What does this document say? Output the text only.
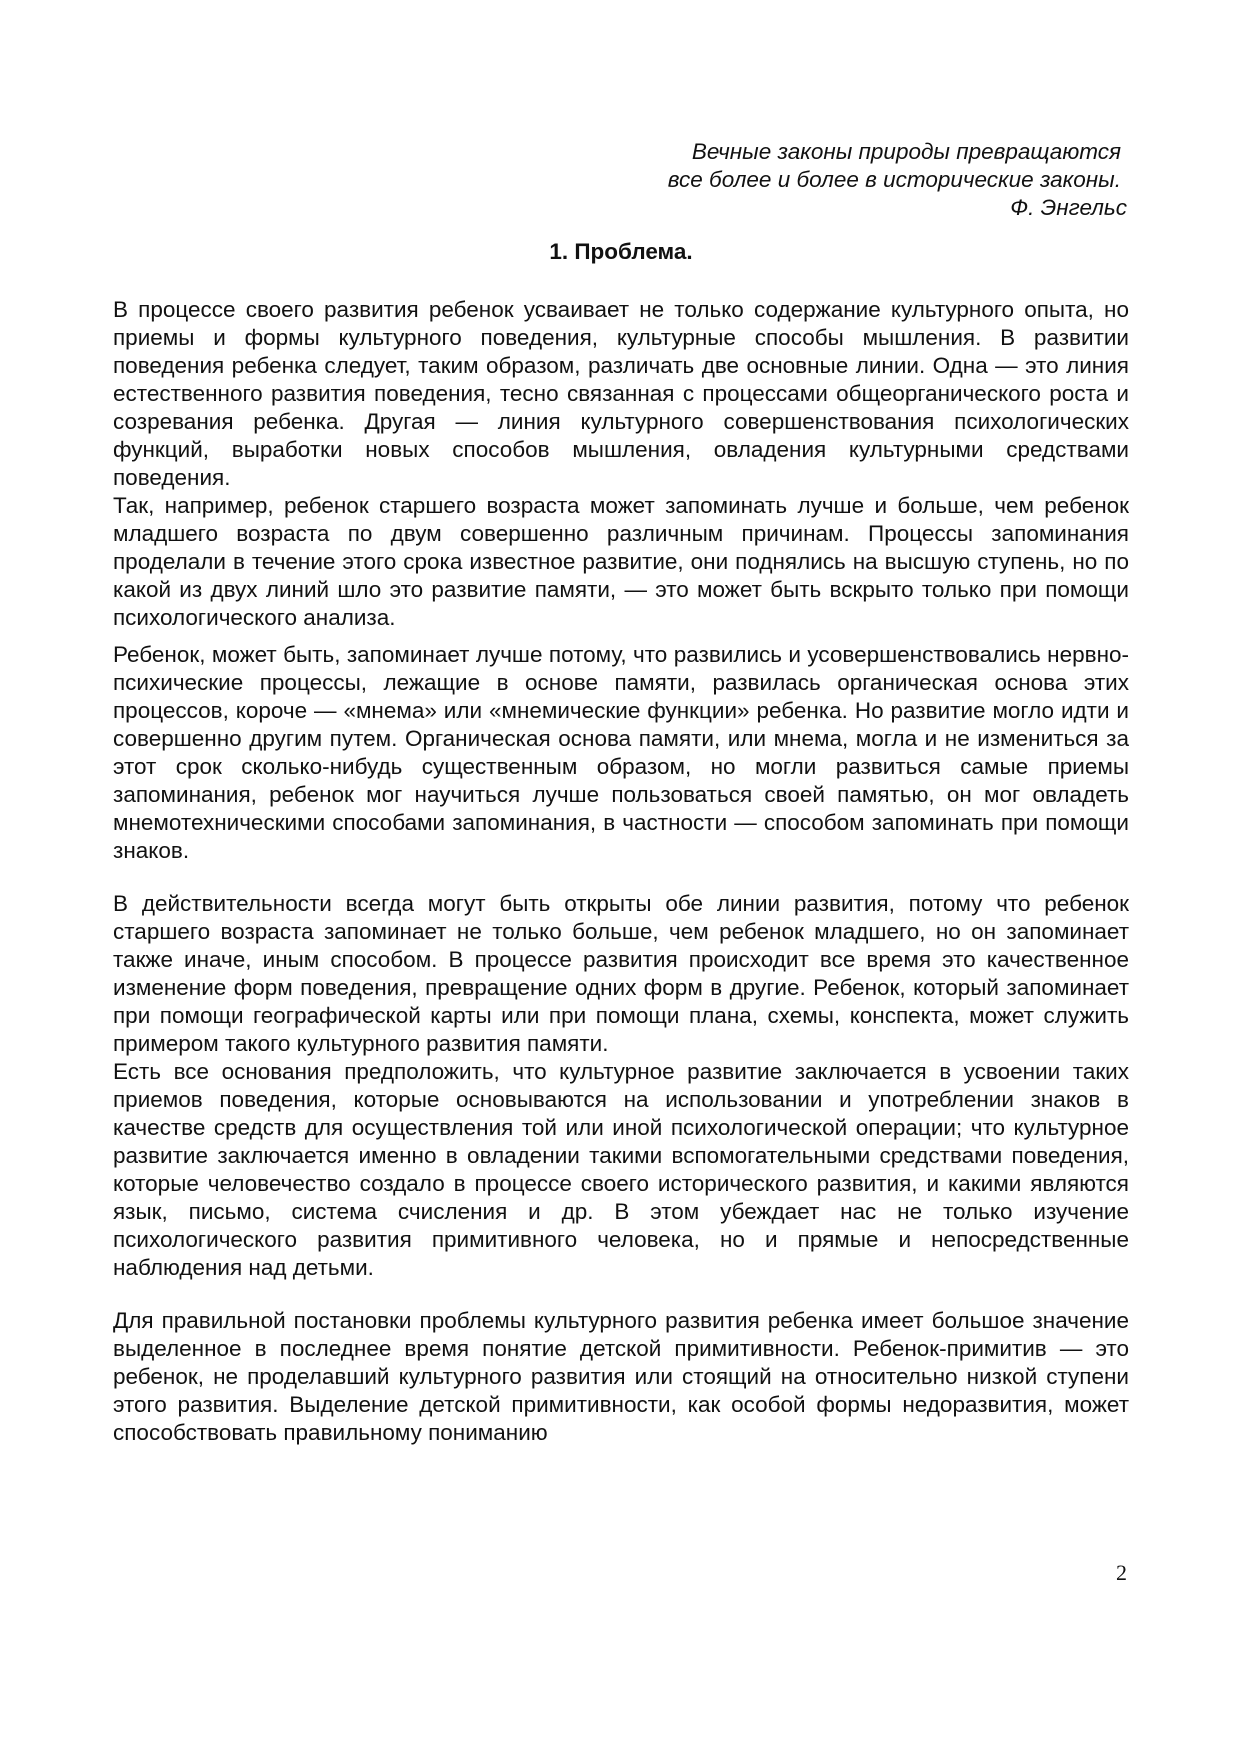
Вечные законы природы превращаются
все более и более в исторические законы.
Ф. Энгельс
1. Проблема.

В процессе своего развития ребенок усваивает не только содержание культурного опыта, но приемы и формы культурного поведения, культурные способы мышления. В развитии поведения ребенка следует, таким образом, различать две основные линии. Одна — это линия естественного развития поведения, тесно связанная с процессами общеорганического роста и созревания ребенка. Другая — линия культурного совершенствования психологических функций, выработки новых способов мышления, овладения культурными средствами поведения.

Так, например, ребенок старшего возраста может запоминать лучше и больше, чем ребенок младшего возраста по двум совершенно различным причинам. Процессы запоминания проделали в течение этого срока известное развитие, они поднялись на высшую ступень, но по какой из двух линий шло это развитие памяти, — это может быть вскрыто только при помощи психологического анализа.

Ребенок, может быть, запоминает лучше потому, что развились и усовершенствовались нервно-психические процессы, лежащие в основе памяти, развилась органическая основа этих процессов, короче — «мнема» или «мнемические функции» ребенка. Но развитие могло идти и совершенно другим путем. Органическая основа памяти, или мнема, могла и не измениться за этот срок сколько-нибудь существенным образом, но могли развиться самые приемы запоминания, ребенок мог научиться лучше пользоваться своей памятью, он мог овладеть мнемотехническими способами запоминания, в частности — способом запоминать при помощи знаков.

В действительности всегда могут быть открыты обе линии развития, потому что ребенок старшего возраста запоминает не только больше, чем ребенок младшего, но он запоминает также иначе, иным способом. В процессе развития происходит все время это качественное изменение форм поведения, превращение одних форм в другие. Ребенок, который запоминает при помощи географической карты или при помощи плана, схемы, конспекта, может служить примером такого культурного развития памяти.

Есть все основания предположить, что культурное развитие заключается в усвоении таких приемов поведения, которые основываются на использовании и употреблении знаков в качестве средств для осуществления той или иной психологической операции; что культурное развитие заключается именно в овладении такими вспомогательными средствами поведения, которые человечество создало в процессе своего исторического развития, и какими являются язык, письмо, система счисления и др. В этом убеждает нас не только изучение психологического развития примитивного человека, но и прямые и непосредственные наблюдения над детьми.

Для правильной постановки проблемы культурного развития ребенка имеет большое значение выделенное в последнее время понятие детской примитивности. Ребенок-примитив — это ребенок, не проделавший культурного развития или стоящий на относительно низкой ступени этого развития. Выделение детской примитивности, как особой формы недоразвития, может способствовать правильному пониманию

2
